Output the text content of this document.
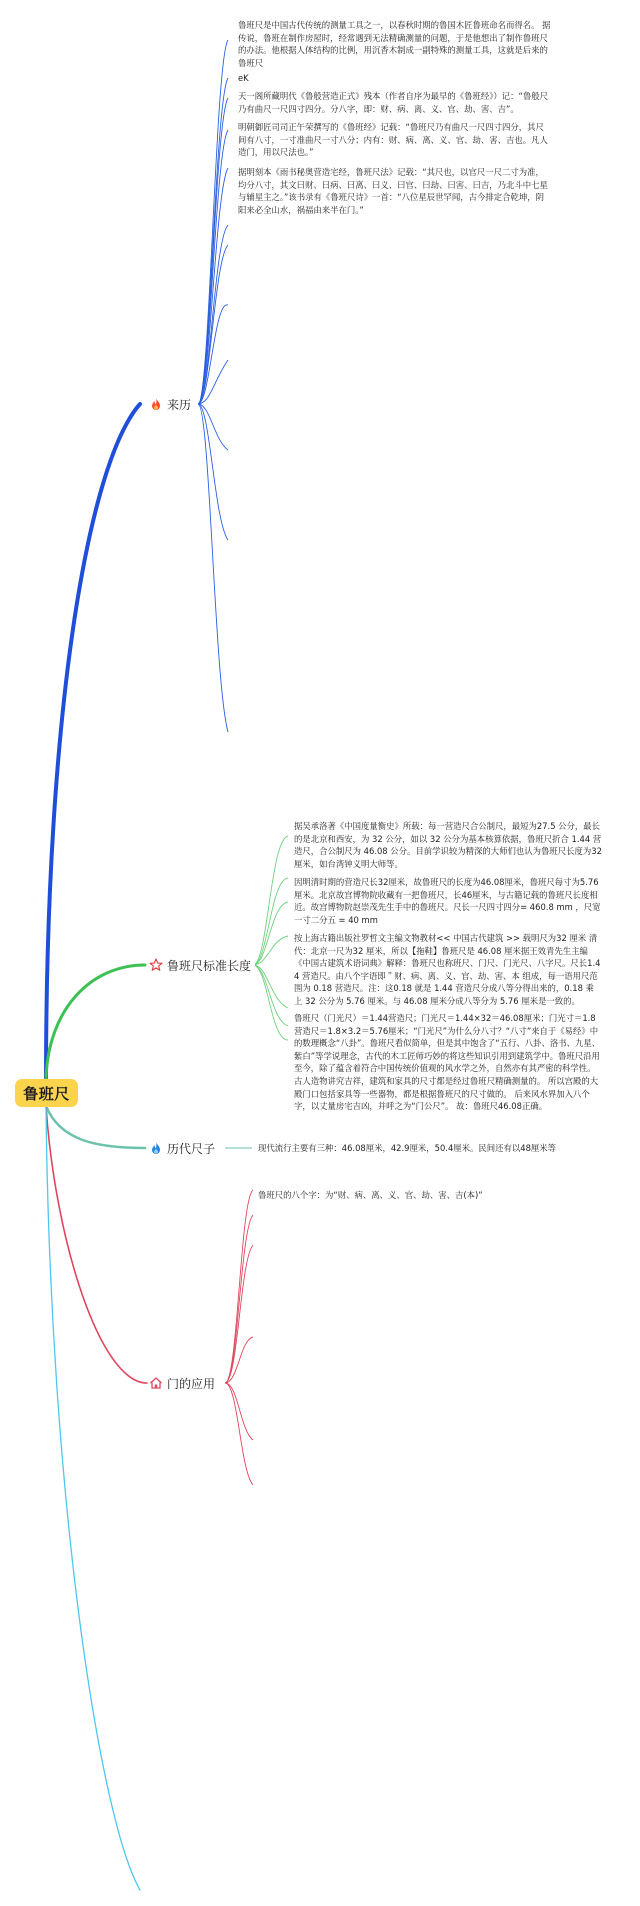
鲁班尺
来历
鲁班尺标准长度
历代尺子
门的应用
鲁班尺是中国古代传统的测量工具之一，以春秋时期的鲁国木匠鲁班命名而得名。 据传说，鲁班在制作房屋时，经常遇到无法精确测量的问题，于是他想出了制作鲁班尺的办法。他根据人体结构的比例，用沉香木制成一副特殊的测量工具，这就是后来的鲁班尺
eK
天一阁所藏明代《鲁般营造正式》残本（作者自序为最早的《鲁班经》）记：“鲁般尺乃有曲尺一尺四寸四分。分八字，即：财、病、离、义、官、劫、害、吉”。
明朝御匠司司正午荣撰写的《鲁班经》记载：“鲁班尺乃有曲尺一尺四寸四分，其尺间有八寸，一寸准曲尺一寸八分；内有：财、病、离、义、官、劫、害、吉也。凡人造门，用以尺法也。”
据明刻本《雨书秘奥营造宅经，鲁班尺法》记载：“其尺也，以官尺一尺二寸为准，均分八寸，其文曰财、曰病、曰离、曰义、曰官、曰劫、曰害、曰吉，乃北斗中七星与辅星主之。”该书录有《鲁班尺诗》一首：“八位星辰世罕闻，古今排定合乾坤，阴阳来必全山水，祸福由来半在门。”
据吴承洛著《中国度量衡史》所载：每一营造尺合公制尺，最短为27.5 公分，最长的是北京和西安，为 32 公分，如以 32 公分为基本核算依据，鲁班尺折合 1.44 营造尺，合公制尺为 46.08 公分。目前学识较为精深的大师们也认为鲁班尺长度为32 厘米，如台湾钟义明大师等。
因明清时期的营造尺长32厘米，故鲁班尺的长度为46.08厘米，鲁班尺每寸为5.76厘米。北京故宫博物院收藏有一把鲁班尺，长46厘米，与古籍记载的鲁班尺长度相近。故宫博物院赵崇茂先生手中的鲁班尺。尺长一尺四寸四分= 460.8 mm ，尺宽一寸二分五 = 40 mm
按上海古籍出版社罗哲文主编文物教材<< 中国古代建筑 >> 载明尺为32 厘米 清代：北京一尺为32 厘米，所以【拖鞋】鲁班尺是 46.08 厘米据王效青先生主编《中国古建筑术语词典》解释：鲁班尺也称班尺、门尺、门光尺、八字尺。尺长1.44 营造尺。由八个字语即＂财、病、离、义、官、劫、害、本 组成，每一语用尺范围为 0.18 营造尺。注：这0.18 就是 1.44 营造尺分成八等分得出来的，0.18 乘上 32 公分为 5.76 厘米。与 46.08 厘米分成八等分为 5.76 厘米是一致的。
鲁班尺（门光尺）＝1.44营造尺；门光尺＝1.44×32＝46.08厘米；门光寸＝1.8营造尺＝1.8×3.2＝5.76厘米；“门光尺”为什么分八寸？“八寸”来自于《易经》中的数理概念“八卦”。鲁班尺看似简单，但是其中饱含了“五行、八卦、洛书、九星、紫白”等学说理念，古代的木工匠师巧妙的将这些知识引用到建筑学中。鲁班尺沿用至今，除了蕴含着符合中国传统价值观的风水学之外，自然亦有其严密的科学性。 古人造物讲究吉祥，建筑和家具的尺寸都是经过鲁班尺精确测量的。 所以宫殿的大殿门口包括家具等一些器物，都是根据鲁班尺的尺寸做的。 后来风水界加入八个字，以丈量房宅吉凶，并呼之为“门公尺”。 故：鲁班尺46.08正确。
现代流行主要有三种：46.08厘米，42.9厘米，50.4厘米。民间还有以48厘米等
鲁班尺的八个字：为“财、病、离、义、官、劫、害、吉(本)”
